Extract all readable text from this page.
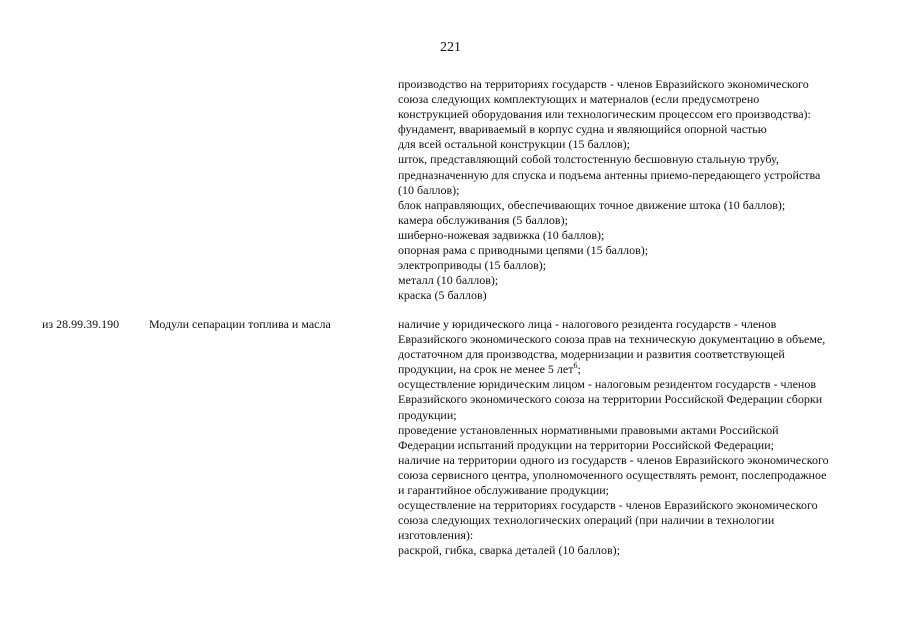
221
производство на территориях государств - членов Евразийского экономического
союза следующих комплектующих и материалов (если предусмотрено
конструкцией оборудования или технологическим процессом его производства):
фундамент, вваривaемый в корпус судна и являющийся опорной частью
для всей остальной конструкции (15 баллов);
шток, представляющий собой толстостенную бесшовную стальную трубу,
предназначенную для спуска и подъема антенны приемо-передающего устройства
(10 баллов);
блок направляющих, обеспечивающих точное движение штока (10 баллов);
камера обслуживания (5 баллов);
шиберно-ножевая задвижка (10 баллов);
опорная рама с приводными цепями (15 баллов);
электроприводы (15 баллов);
металл (10 баллов);
краска (5 баллов)
из 28.99.39.190 Модули сепарации топлива и масла	наличие у юридического лица - налогового резидента государств - членов
Евразийского экономического союза прав на техническую документацию в объеме,
достаточном для производства, модернизации и развития соответствующей
продукции, на срок не менее 5 лет$^6$;
осуществление юридическим лицом - налоговым резидентом государств - членов
Евразийского экономического союза на территории Российской Федерации сборки
продукции;
проведение установленных нормативными правовыми актами Российской
Федерации испытаний продукции на территории Российской Федерации;
наличие на территории одного из государств - членов Евразийского экономического
союза сервисного центра, уполномоченного осуществлять ремонт, послепродажное
и гарантийное обслуживание продукции;
осуществление на территориях государств - членов Евразийского экономического
союза следующих технологических операций (при наличии в технологии
изготовления):
раскрой, гибка, сварка деталей (10 баллов);
